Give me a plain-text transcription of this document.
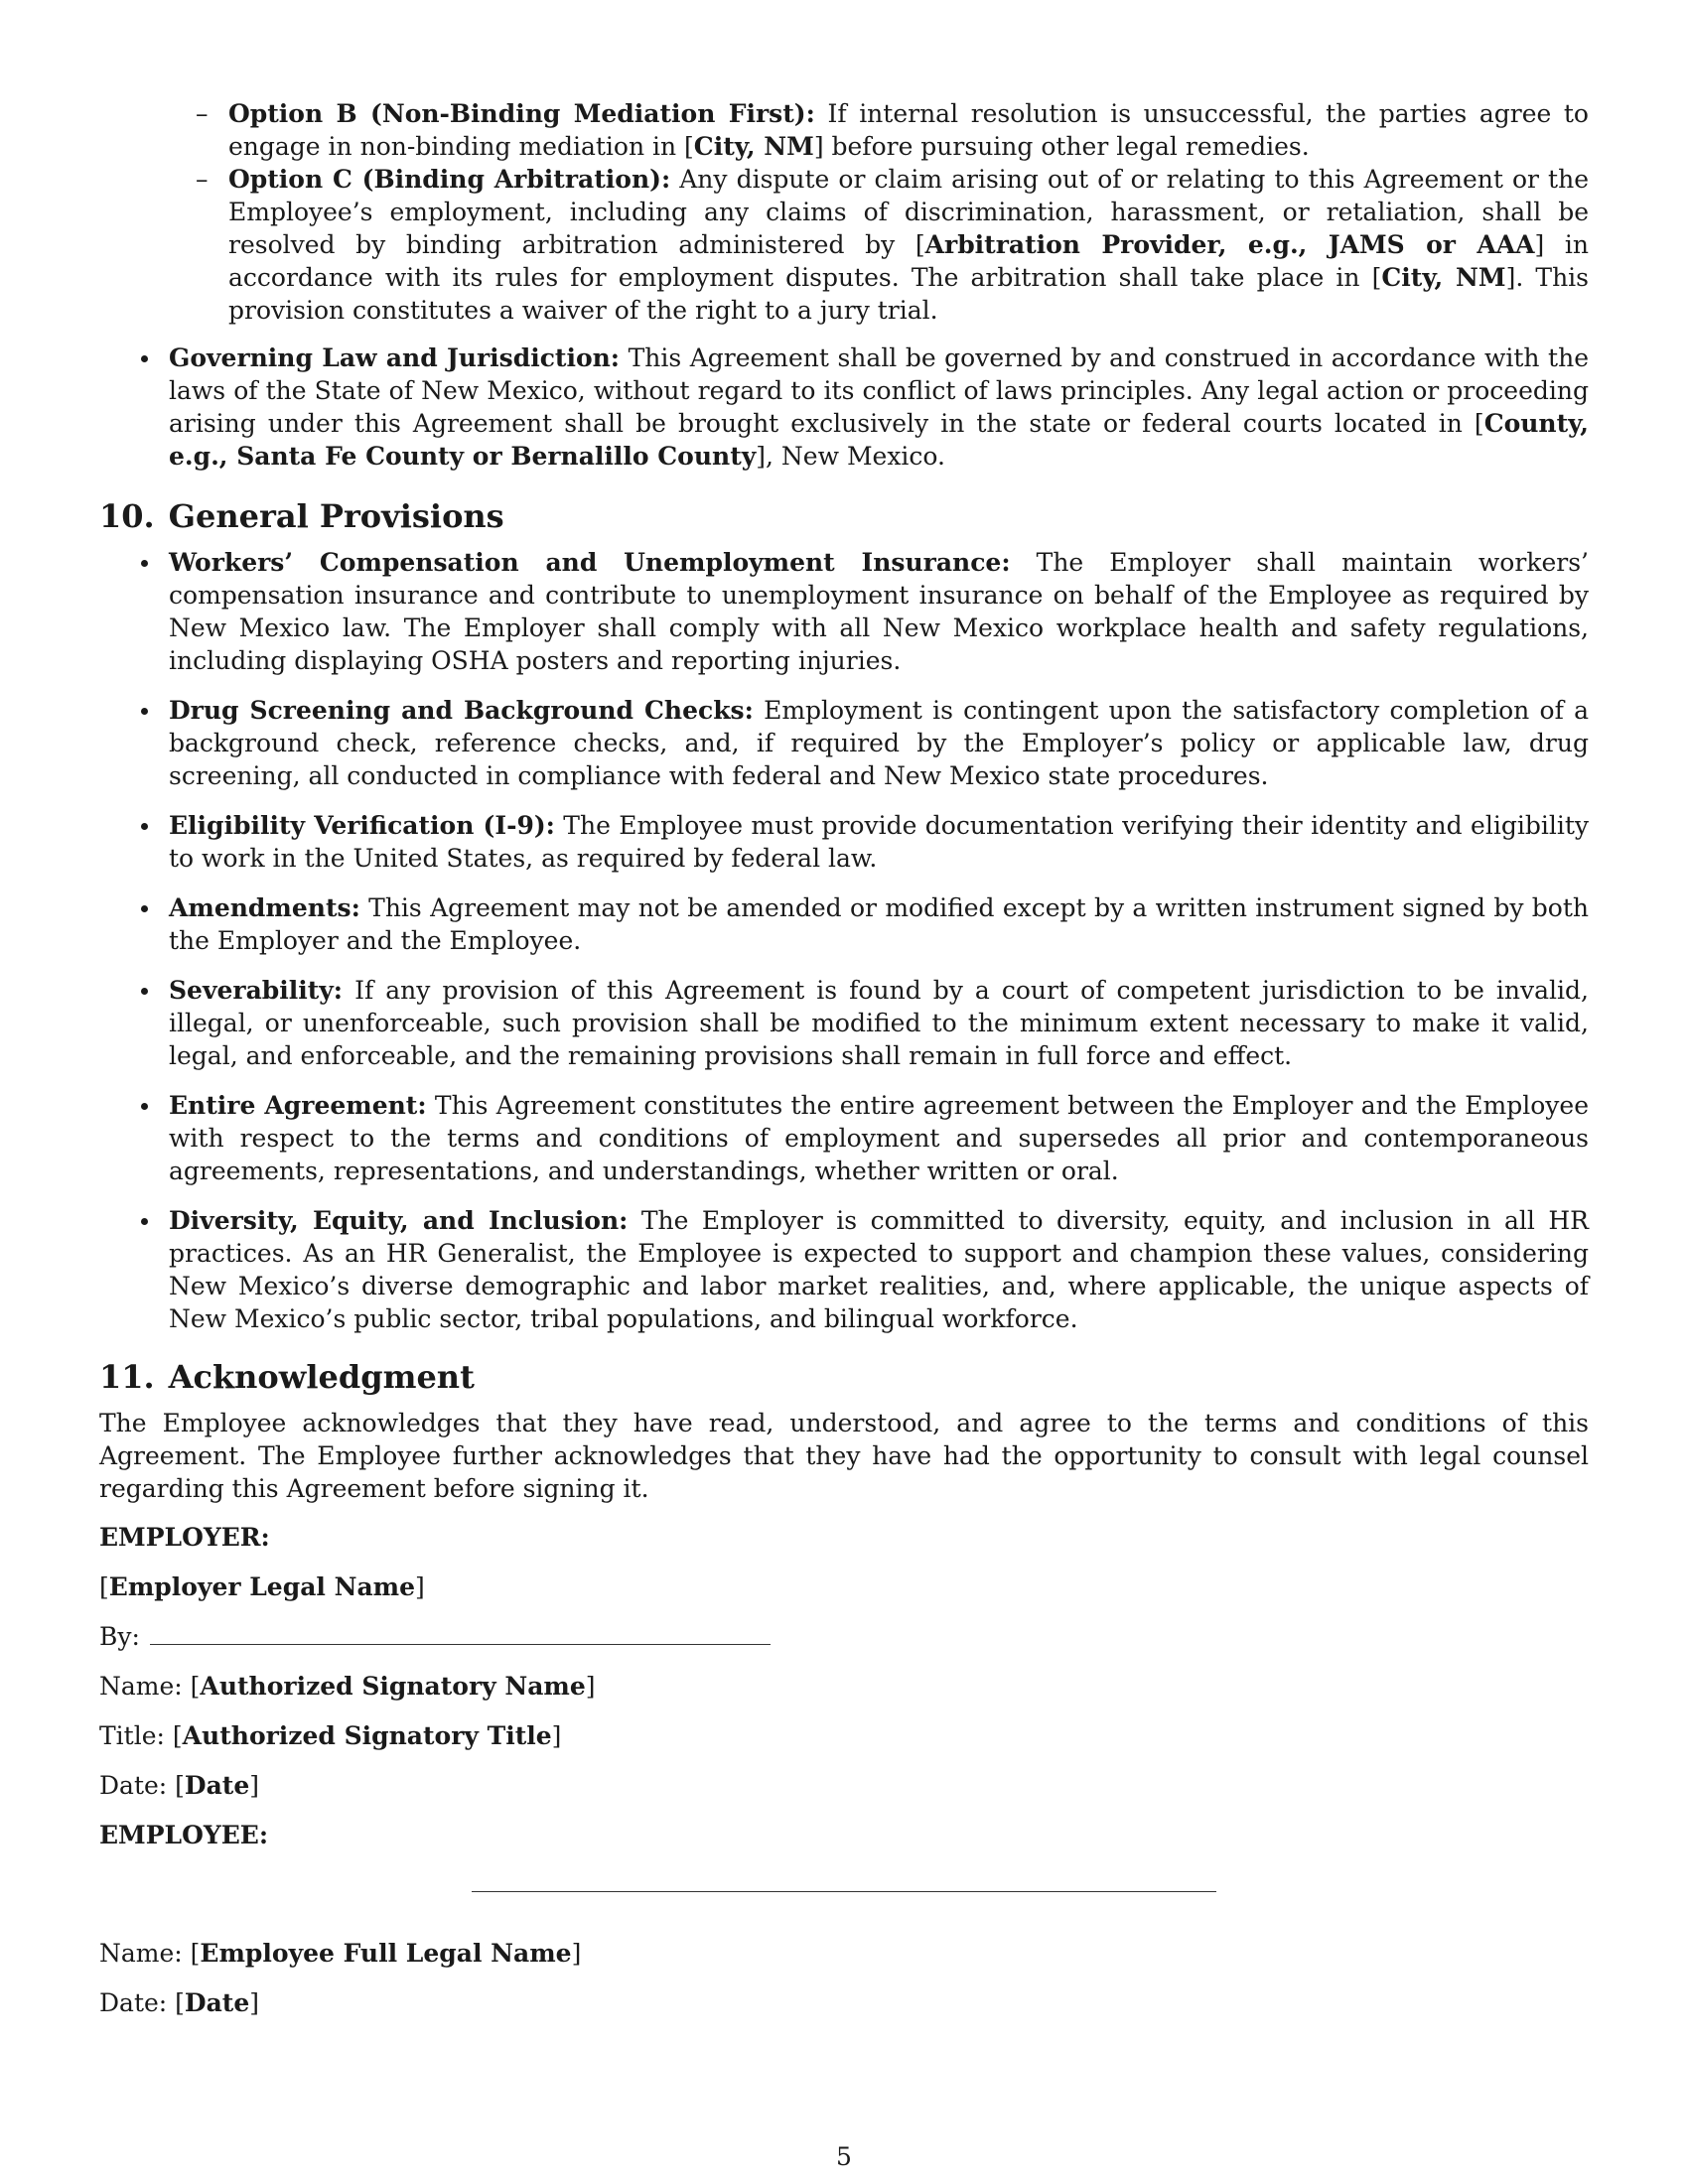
– Option B (Non-Binding Mediation First): If internal resolution is unsuccessful, the parties agree to engage in non-binding mediation in [City, NM] before pursuing other legal remedies.
– Option C (Binding Arbitration): Any dispute or claim arising out of or relating to this Agreement or the Employee’s employment, including any claims of discrimination, harassment, or retaliation, shall be resolved by binding arbitration administered by [Arbitration Provider, e.g., JAMS or AAA] in accordance with its rules for employment disputes. The arbitration shall take place in [City, NM]. This provision constitutes a waiver of the right to a jury trial.
Governing Law and Jurisdiction: This Agreement shall be governed by and construed in accordance with the laws of the State of New Mexico, without regard to its conflict of laws principles. Any legal action or proceeding arising under this Agreement shall be brought exclusively in the state or federal courts located in [County, e.g., Santa Fe County or Bernalillo County], New Mexico.
10. General Provisions
Workers’ Compensation and Unemployment Insurance: The Employer shall maintain workers’ compensation insurance and contribute to unemployment insurance on behalf of the Employee as required by New Mexico law. The Employer shall comply with all New Mexico workplace health and safety regulations, including displaying OSHA posters and reporting injuries.
Drug Screening and Background Checks: Employment is contingent upon the satisfactory completion of a background check, reference checks, and, if required by the Employer’s policy or applicable law, drug screening, all conducted in compliance with federal and New Mexico state procedures.
Eligibility Verification (I-9): The Employee must provide documentation verifying their identity and eligibility to work in the United States, as required by federal law.
Amendments: This Agreement may not be amended or modified except by a written instrument signed by both the Employer and the Employee.
Severability: If any provision of this Agreement is found by a court of competent jurisdiction to be invalid, illegal, or unenforceable, such provision shall be modified to the minimum extent necessary to make it valid, legal, and enforceable, and the remaining provisions shall remain in full force and effect.
Entire Agreement: This Agreement constitutes the entire agreement between the Employer and the Employee with respect to the terms and conditions of employment and supersedes all prior and contemporaneous agreements, representations, and understandings, whether written or oral.
Diversity, Equity, and Inclusion: The Employer is committed to diversity, equity, and inclusion in all HR practices. As an HR Generalist, the Employee is expected to support and champion these values, considering New Mexico’s diverse demographic and labor market realities, and, where applicable, the unique aspects of New Mexico’s public sector, tribal populations, and bilingual workforce.
11. Acknowledgment

The Employee acknowledges that they have read, understood, and agree to the terms and conditions of this Agreement. The Employee further acknowledges that they have had the opportunity to consult with legal counsel regarding this Agreement before signing it.

EMPLOYER:

[Employer Legal Name]

By:

Name: [Authorized Signatory Name]

Title: [Authorized Signatory Title]

Date: [Date]

EMPLOYEE:

Name: [Employee Full Legal Name]

Date: [Date]

5
